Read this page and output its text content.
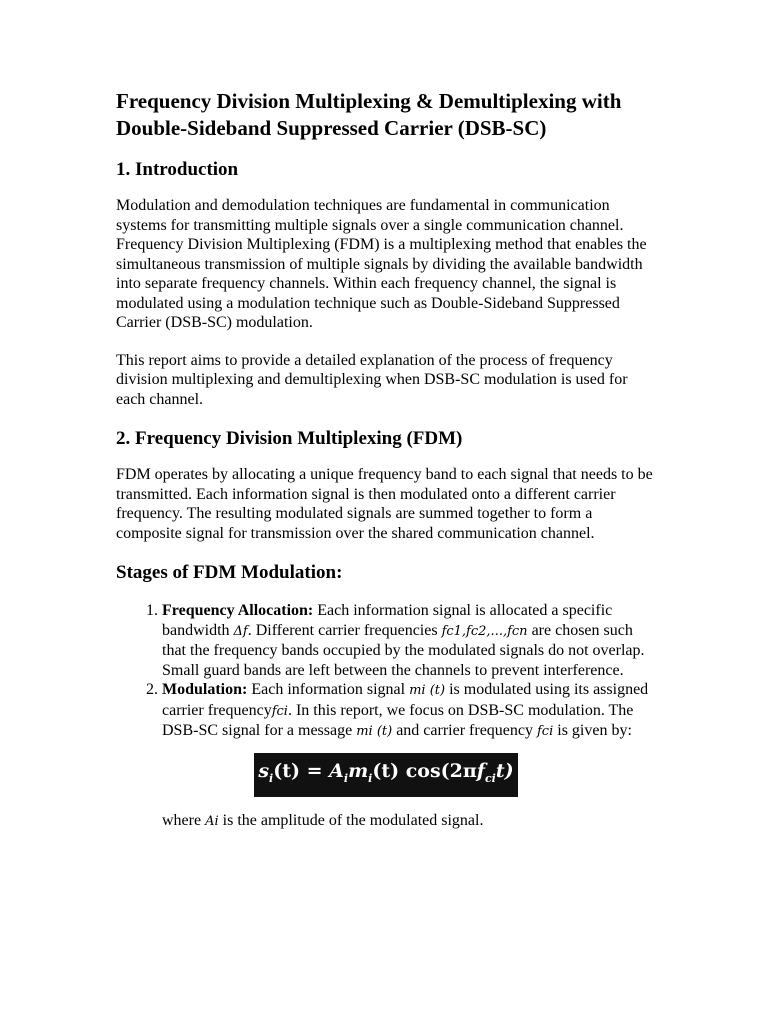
Frequency Division Multiplexing & Demultiplexing with Double-Sideband Suppressed Carrier (DSB-SC)
1. Introduction

Modulation and demodulation techniques are fundamental in communication systems for transmitting multiple signals over a single communication channel. Frequency Division Multiplexing (FDM) is a multiplexing method that enables the simultaneous transmission of multiple signals by dividing the available bandwidth into separate frequency channels. Within each frequency channel, the signal is modulated using a modulation technique such as Double-Sideband Suppressed Carrier (DSB-SC) modulation.

This report aims to provide a detailed explanation of the process of frequency division multiplexing and demultiplexing when DSB-SC modulation is used for each channel.

2. Frequency Division Multiplexing (FDM)

FDM operates by allocating a unique frequency band to each signal that needs to be transmitted. Each information signal is then modulated onto a different carrier frequency. The resulting modulated signals are summed together to form a composite signal for transmission over the shared communication channel.

Stages of FDM Modulation:
1. Frequency Allocation: Each information signal is allocated a specific bandwidth Δf. Different carrier frequencies fc1,fc2,...,fcn are chosen such that the frequency bands occupied by the modulated signals do not overlap. Small guard bands are left between the channels to prevent interference.
2. Modulation: Each information signal mi (t) is modulated using its assigned carrier frequencyfci. In this report, we focus on DSB-SC modulation. The DSB-SC signal for a message mi (t) and carrier frequency fci is given by:
$s_i(t) = A_im_i(t)$ $\cos(2\pi f_{ci}t)$
where Ai is the amplitude of the modulated signal.
